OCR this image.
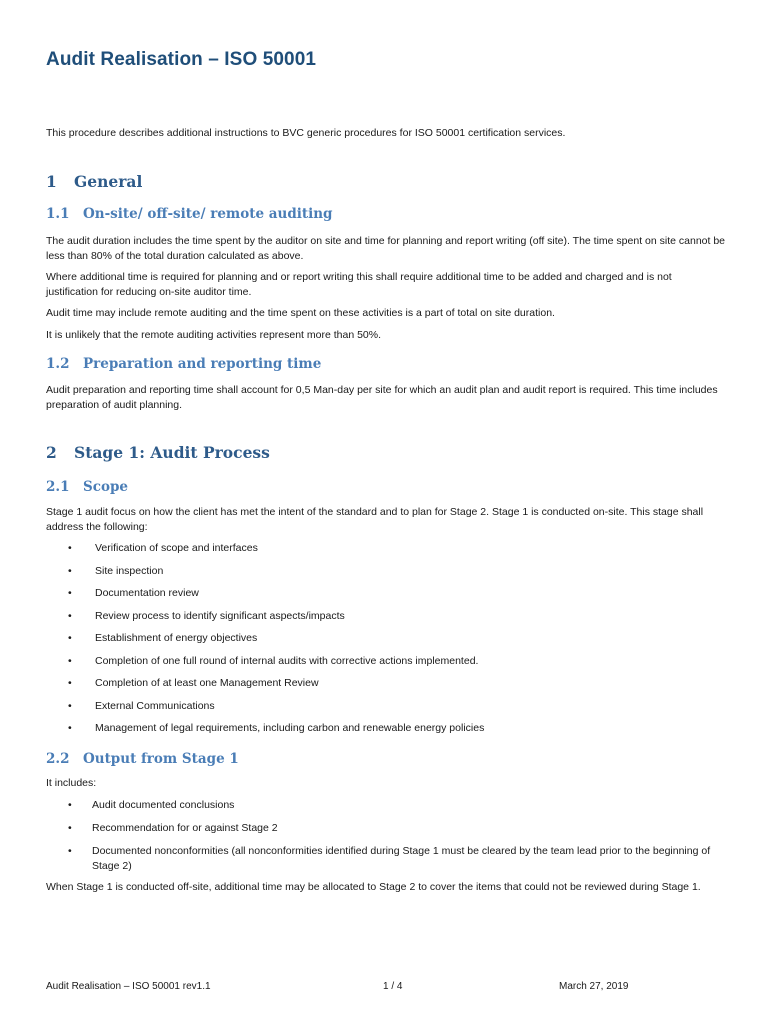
Audit Realisation – ISO 50001

This procedure describes additional instructions to BVC generic procedures for ISO 50001 certification services.

1 General
1.1 On-site/ off-site/ remote auditing

The audit duration includes the time spent by the auditor on site and time for planning and report writing (off site). The time spent on site cannot be less than 80% of the total duration calculated as above.

Where additional time is required for planning and or report writing this shall require additional time to be added and charged and is not justification for reducing on-site auditor time.

Audit time may include remote auditing and the time spent on these activities is a part of total on site duration.

It is unlikely that the remote auditing activities represent more than 50%.

1.2 Preparation and reporting time

Audit preparation and reporting time shall account for 0,5 Man-day per site for which an audit plan and audit report is required. This time includes preparation of audit planning.

2 Stage 1: Audit Process
2.1 Scope

Stage 1 audit focus on how the client has met the intent of the standard and to plan for Stage 2. Stage 1 is conducted on-site. This stage shall address the following:

•	Verification of scope and interfaces
•	Site inspection
•	Documentation review
•	Review process to identify significant aspects/impacts
•	Establishment of energy objectives
•	Completion of one full round of internal audits with corrective actions implemented.
•	Completion of at least one Management Review
•	External Communications
•	Management of legal requirements, including carbon and renewable energy policies
2.2 Output from Stage 1

It includes:

•	Audit documented conclusions
•	Recommendation for or against Stage 2
•	Documented nonconformities (all nonconformities identified during Stage 1 must be cleared by the team lead prior to the beginning of Stage 2)

When Stage 1 is conducted off-site, additional time may be allocated to Stage 2 to cover the items that could not be reviewed during Stage 1.

Audit Realisation – ISO 50001 rev1.1	1 / 4	March 27, 2019
